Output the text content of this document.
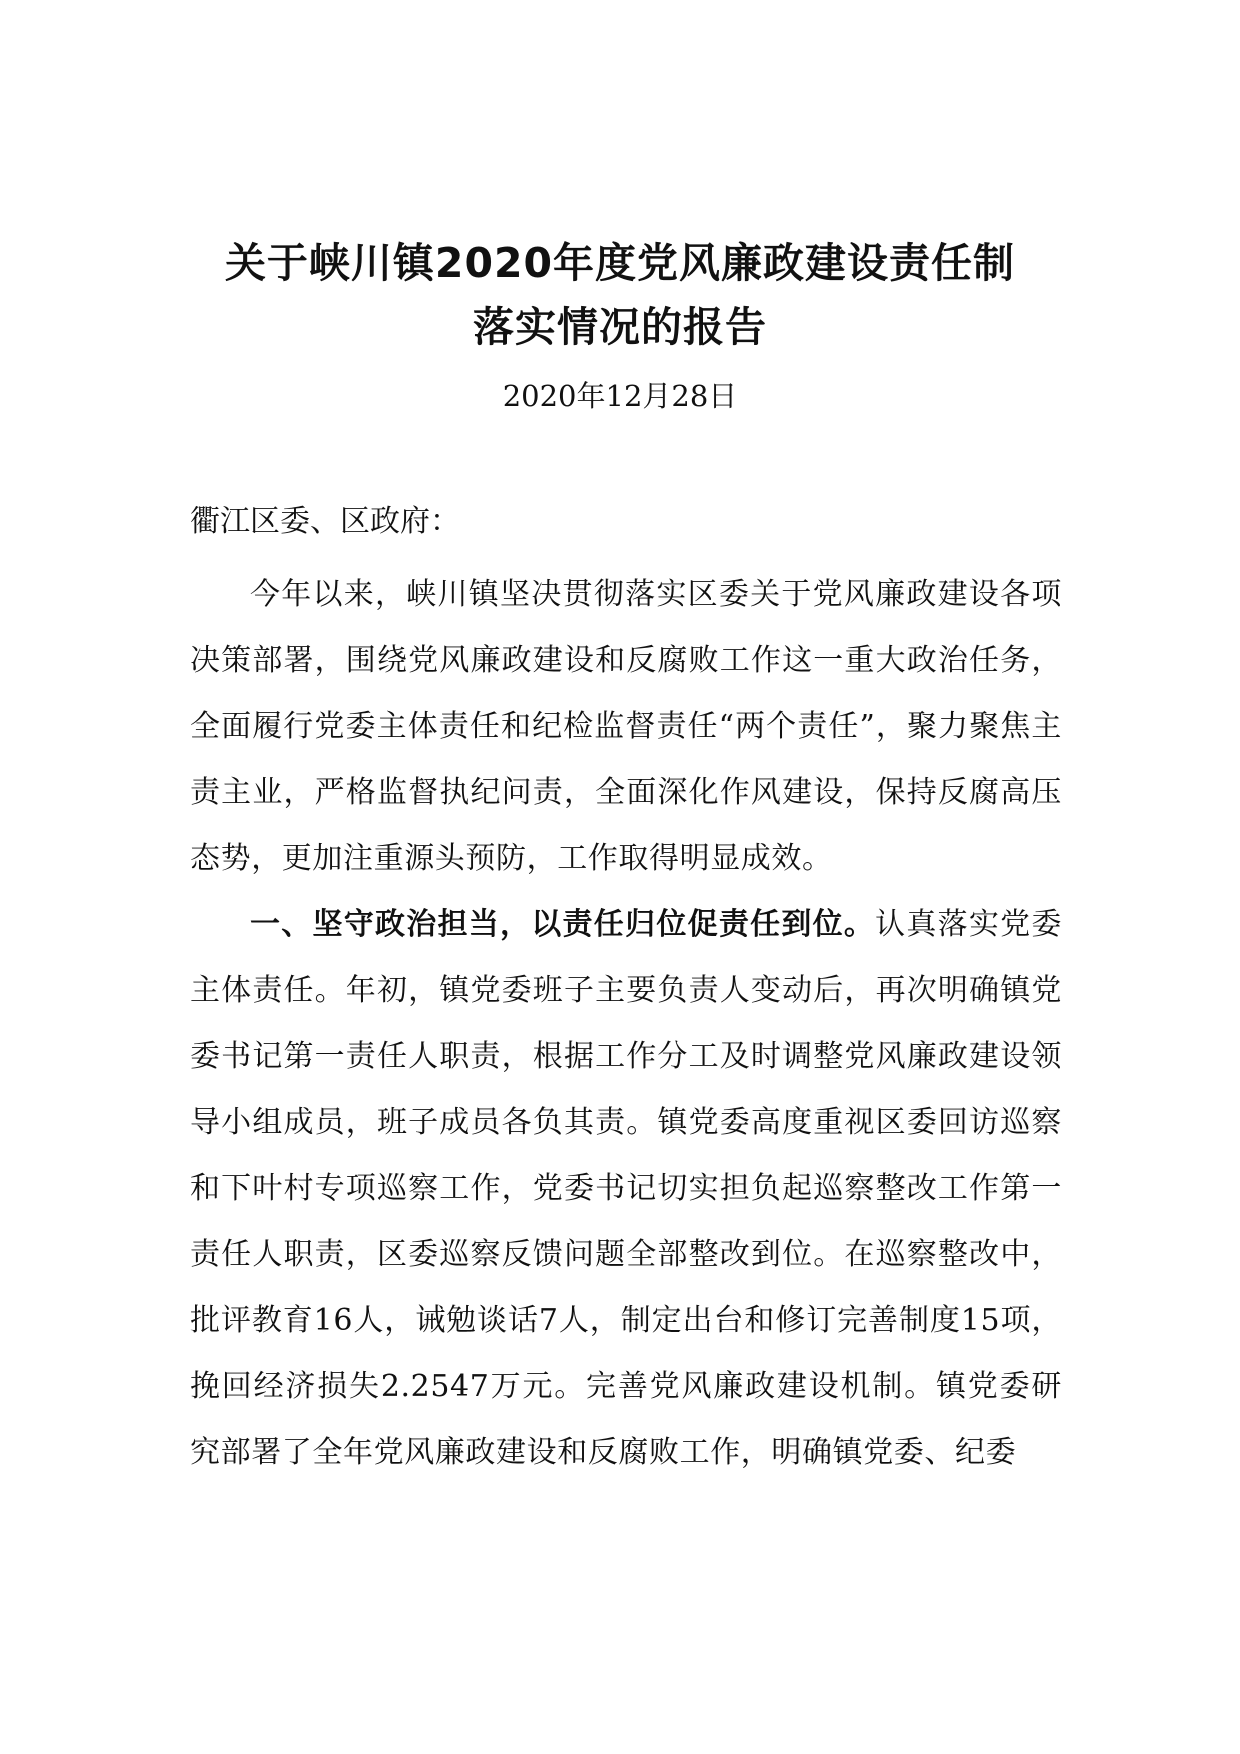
关于峡川镇2020年度党风廉政建设责任制
落实情况的报告

2020年12月28日

衢江区委、区政府：

今年以来，峡川镇坚决贯彻落实区委关于党风廉政建设各项决策部署，围绕党风廉政建设和反腐败工作这一重大政治任务，全面履行党委主体责任和纪检监督责任“两个责任”，聚力聚焦主责主业，严格监督执纪问责，全面深化作风建设，保持反腐高压态势，更加注重源头预防，工作取得明显成效。

一、坚守政治担当，以责任归位促责任到位。认真落实党委主体责任。年初，镇党委班子主要负责人变动后，再次明确镇党委书记第一责任人职责，根据工作分工及时调整党风廉政建设领导小组成员，班子成员各负其责。镇党委高度重视区委回访巡察和下叶村专项巡察工作，党委书记切实担负起巡察整改工作第一责任人职责，区委巡察反馈问题全部整改到位。在巡察整改中，批评教育16人，诫勉谈话7人，制定出台和修订完善制度15项，挽回经济损失2.2547万元。完善党风廉政建设机制。镇党委研究部署了全年党风廉政建设和反腐败工作，明确镇党委、纪委
